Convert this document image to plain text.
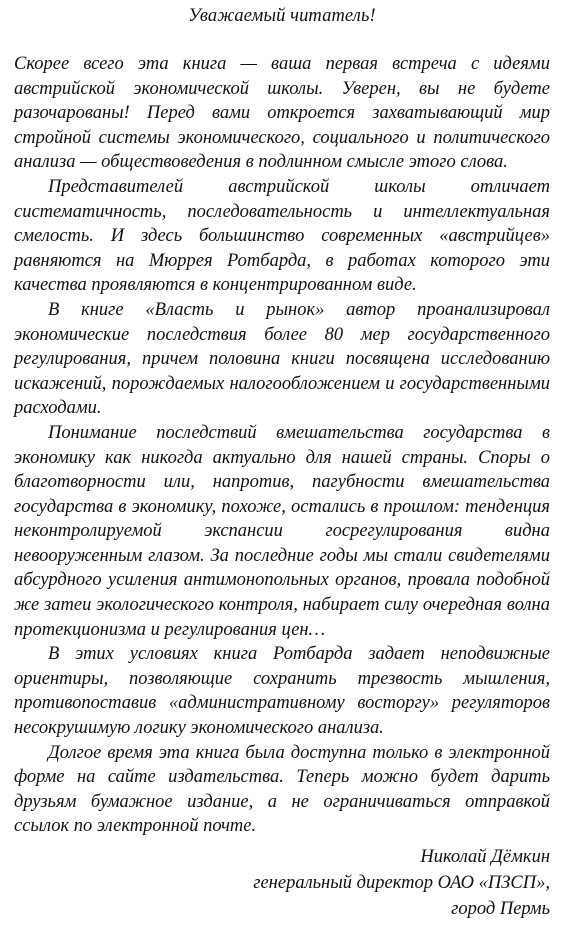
Уважаемый читатель!

Скорее всего эта книга — ваша первая встреча с идеями австрийской экономической школы. Уверен, вы не будете разочарованы! Перед вами откроется захватывающий мир стройной системы экономического, социального и политического анализа — обществоведения в подлинном смысле этого слова.

Представителей австрийской школы отличает систематичность, последовательность и интеллектуальная смелость. И здесь большинство современных «австрийцев» равняются на Мюррея Ротбарда, в работах которого эти качества проявляются в концентрированном виде.

В книге «Власть и рынок» автор проанализировал экономические последствия более 80 мер государственного регулирования, причем половина книги посвящена исследованию искажений, порождаемых налогообложением и государственными расходами.

Понимание последствий вмешательства государства в экономику как никогда актуально для нашей страны. Споры о благотворности или, напротив, пагубности вмешательства государства в экономику, похоже, остались в прошлом: тенденция неконтролируемой экспансии госрегулирования видна невооруженным глазом. За последние годы мы стали свидетелями абсурдного усиления антимонопольных органов, провала подобной же затеи экологического контроля, набирает силу очередная волна протекционизма и регулирования цен…

В этих условиях книга Ротбарда задает неподвижные ориентиры, позволяющие сохранить трезвость мышления, противопоставив «административному восторгу» регуляторов несокрушимую логику экономического анализа.

Долгое время эта книга была доступна только в электронной форме на сайте издательства. Теперь можно будет дарить друзьям бумажное издание, а не ограничиваться отправкой ссылок по электронной почте.

Николай Дёмкин
генеральный директор ОАО «ПЗСП»,
город Пермь
